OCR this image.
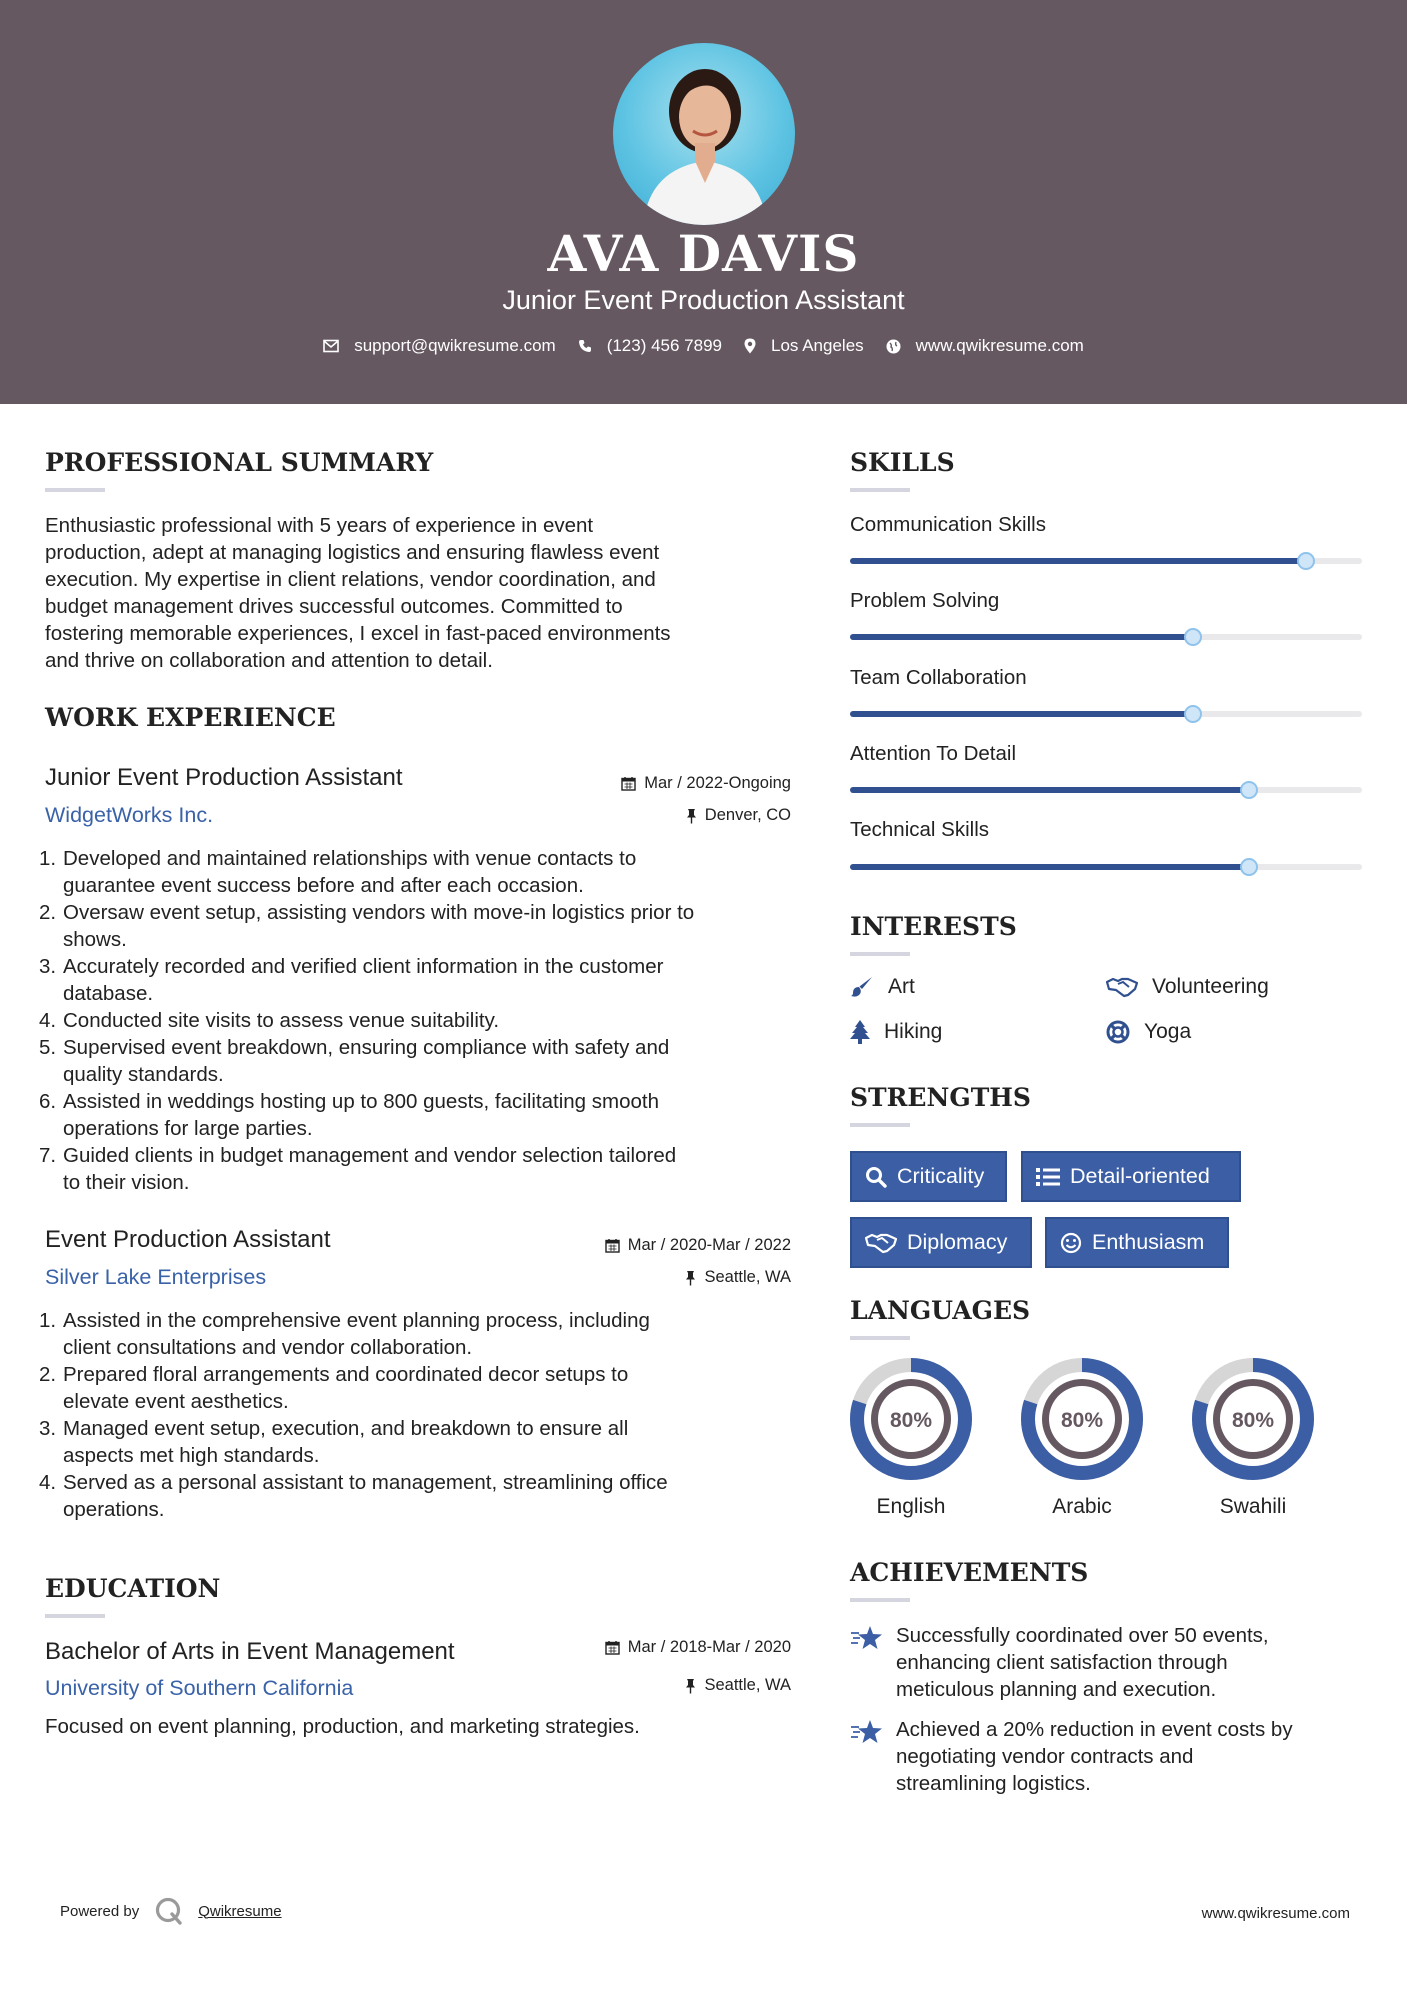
AVA DAVIS
Junior Event Production Assistant
support@qwikresume.com	(123) 456 7899	Los Angeles	www.qwikresume.com
PROFESSIONAL SUMMARY
Enthusiastic professional with 5 years of experience in event
production, adept at managing logistics and ensuring flawless event
execution. My expertise in client relations, vendor coordination, and
budget management drives successful outcomes. Committed to
fostering memorable experiences, I excel in fast-paced environments
and thrive on collaboration and attention to detail.
WORK EXPERIENCE
Junior Event Production Assistant	Mar / 2022-Ongoing
WidgetWorks Inc.	Denver, CO
1. Developed and maintained relationships with venue contacts to
guarantee event success before and after each occasion.
2. Oversaw event setup, assisting vendors with move-in logistics prior to
shows.
3. Accurately recorded and verified client information in the customer
database.
4. Conducted site visits to assess venue suitability.
5. Supervised event breakdown, ensuring compliance with safety and
quality standards.
6. Assisted in weddings hosting up to 800 guests, facilitating smooth
operations for large parties.
7. Guided clients in budget management and vendor selection tailored
to their vision.
Event Production Assistant	Mar / 2020-Mar / 2022
Silver Lake Enterprises	Seattle, WA
1. Assisted in the comprehensive event planning process, including
client consultations and vendor collaboration.
2. Prepared floral arrangements and coordinated decor setups to
elevate event aesthetics.
3. Managed event setup, execution, and breakdown to ensure all
aspects met high standards.
4. Served as a personal assistant to management, streamlining office
operations.
EDUCATION
Bachelor of Arts in Event Management	Mar / 2018-Mar / 2020
University of Southern California	Seattle, WA
Focused on event planning, production, and marketing strategies.
SKILLS
Communication Skills
Problem Solving
Team Collaboration
Attention To Detail
Technical Skills
INTERESTS
Art	Volunteering
Hiking	Yoga
STRENGTHS
Criticality	Detail-oriented
Diplomacy	Enthusiasm
LANGUAGES
80%
English
80%
Arabic
80%
Swahili
ACHIEVEMENTS
Successfully coordinated over 50 events,
enhancing client satisfaction through
meticulous planning and execution.
Achieved a 20% reduction in event costs by
negotiating vendor contracts and
streamlining logistics.
Powered by	Qwikresume	www.qwikresume.com
